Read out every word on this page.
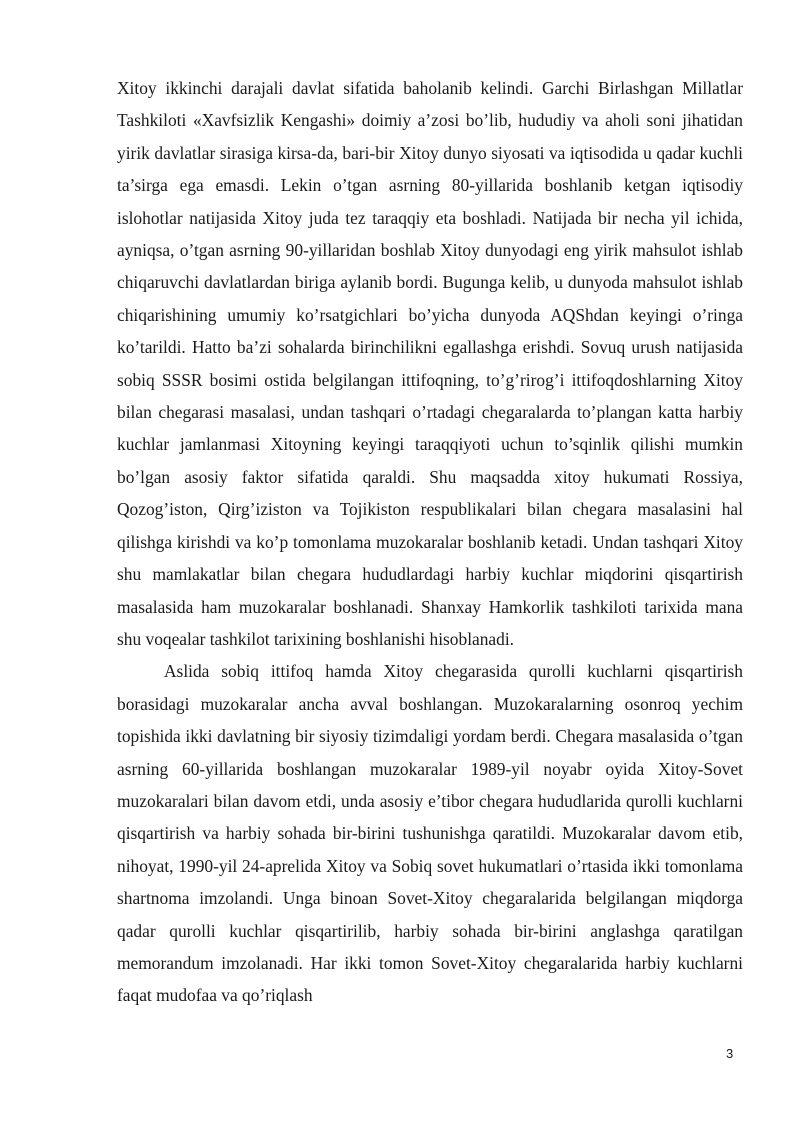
Xitoy ikkinchi darajali davlat sifatida baholanib kelindi. Garchi Birlashgan Millatlar Tashkiloti «Xavfsizlik Kengashi» doimiy a’zosi bo’lib, hududiy va aholi soni jihatidan yirik davlatlar sirasiga kirsa-da, bari-bir Xitoy dunyo siyosati va iqtisodida u qadar kuchli ta’sirga ega emasdi. Lekin o’tgan asrning 80-yillarida boshlanib ketgan iqtisodiy islohotlar natijasida Xitoy juda tez taraqqiy eta boshladi. Natijada bir necha yil ichida, ayniqsa, o’tgan asrning 90-yillaridan boshlab Xitoy dunyodagi eng yirik mahsulot ishlab chiqaruvchi davlatlardan biriga aylanib bordi. Bugunga kelib, u dunyoda mahsulot ishlab chiqarishining umumiy ko’rsatgichlari bo’yicha dunyoda AQShdan keyingi o’ringa ko’tarildi. Hatto ba’zi sohalarda birinchilikni egallashga erishdi. Sovuq urush natijasida sobiq SSSR bosimi ostida belgilangan ittifoqning, to’g’rirog’i ittifoqdoshlarning Xitoy bilan chegarasi masalasi, undan tashqari o’rtadagi chegaralarda to’plangan katta harbiy kuchlar jamlanmasi Xitoyning keyingi taraqqiyoti uchun to’sqinlik qilishi mumkin bo’lgan asosiy faktor sifatida qaraldi. Shu maqsadda xitoy hukumati Rossiya, Qozog’iston, Qirg’iziston va Tojikiston respublikalari bilan chegara masalasini hal qilishga kirishdi va ko’p tomonlama muzokaralar boshlanib ketadi. Undan tashqari Xitoy shu mamlakatlar bilan chegara hududlardagi harbiy kuchlar miqdorini qisqartirish masalasida ham muzokaralar boshlanadi. Shanxay Hamkorlik tashkiloti tarixida mana shu voqealar tashkilot tarixining boshlanishi hisoblanadi.

Aslida sobiq ittifoq hamda Xitoy chegarasida qurolli kuchlarni qisqartirish borasidagi muzokaralar ancha avval boshlangan. Muzokaralarning osonroq yechim topishida ikki davlatning bir siyosiy tizimdaligi yordam berdi. Chegara masalasida o’tgan asrning 60-yillarida boshlangan muzokaralar 1989-yil noyabr oyida Xitoy-Sovet muzokaralari bilan davom etdi, unda asosiy e’tibor chegara hududlarida qurolli kuchlarni qisqartirish va harbiy sohada bir-birini tushunishga qaratildi. Muzokaralar davom etib, nihoyat, 1990-yil 24-aprelida Xitoy va Sobiq sovet hukumatlari o’rtasida ikki tomonlama shartnoma imzolandi. Unga binoan Sovet-Xitoy chegaralarida belgilangan miqdorga qadar qurolli kuchlar qisqartirilib, harbiy sohada bir-birini anglashga qaratilgan memorandum imzolanadi. Har ikki tomon Sovet-Xitoy chegaralarida harbiy kuchlarni faqat mudofaa va qo’riqlash

3
